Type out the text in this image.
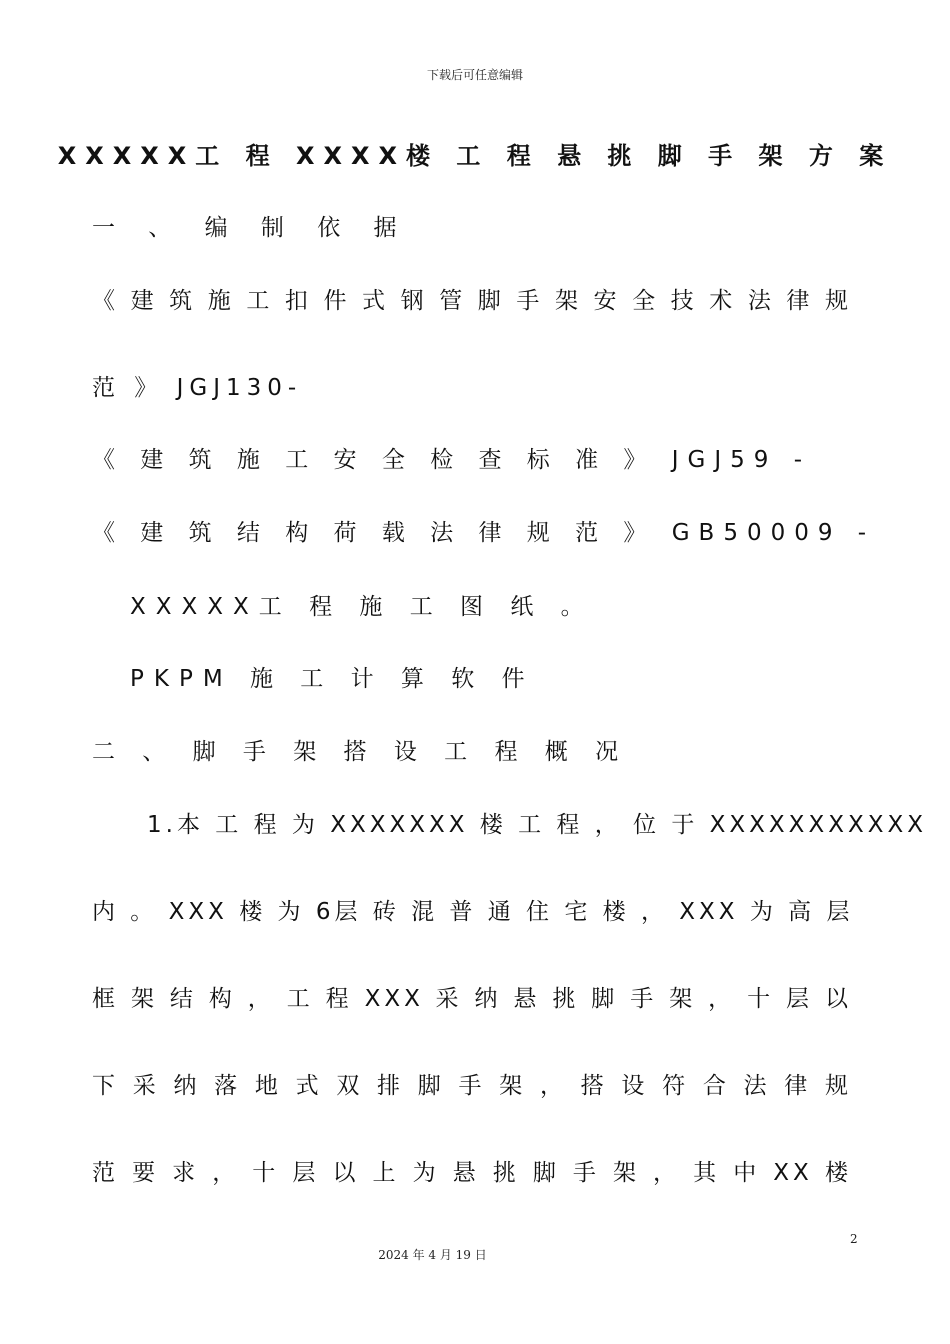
下载后可任意编辑
XXXXX工 程 XXXX楼 工 程 悬 挑 脚 手 架 方 案
一 、 编 制 依 据
《 建 筑 施 工 扣 件 式 钢 管 脚 手 架 安 全 技 术 法 律 规
范 》 JGJ130-
《 建 筑 施 工 安 全 检 查 标 准 》 JGJ59 -
《 建 筑 结 构 荷 载 法 律 规 范 》 GB50009 -
XXXXX工 程 施 工 图 纸 。
PKPM 施 工 计 算 软 件
二 、 脚 手 架 搭 设 工 程 概 况
1.本 工 程 为 XXXXXXX 楼 工 程 ， 位 于 XXXXXXXXXXX
内 。 XXX 楼 为 6层 砖 混 普 通 住 宅 楼 ， XXX 为 高 层
框 架 结 构 ， 工 程 XXX 采 纳 悬 挑 脚 手 架 ， 十 层 以
下 采 纳 落 地 式 双 排 脚 手 架 ， 搭 设 符 合 法 律 规
范 要 求 ， 十 层 以 上 为 悬 挑 脚 手 架 ， 其 中 XX 楼
2
2024 年 4 月 19 日
